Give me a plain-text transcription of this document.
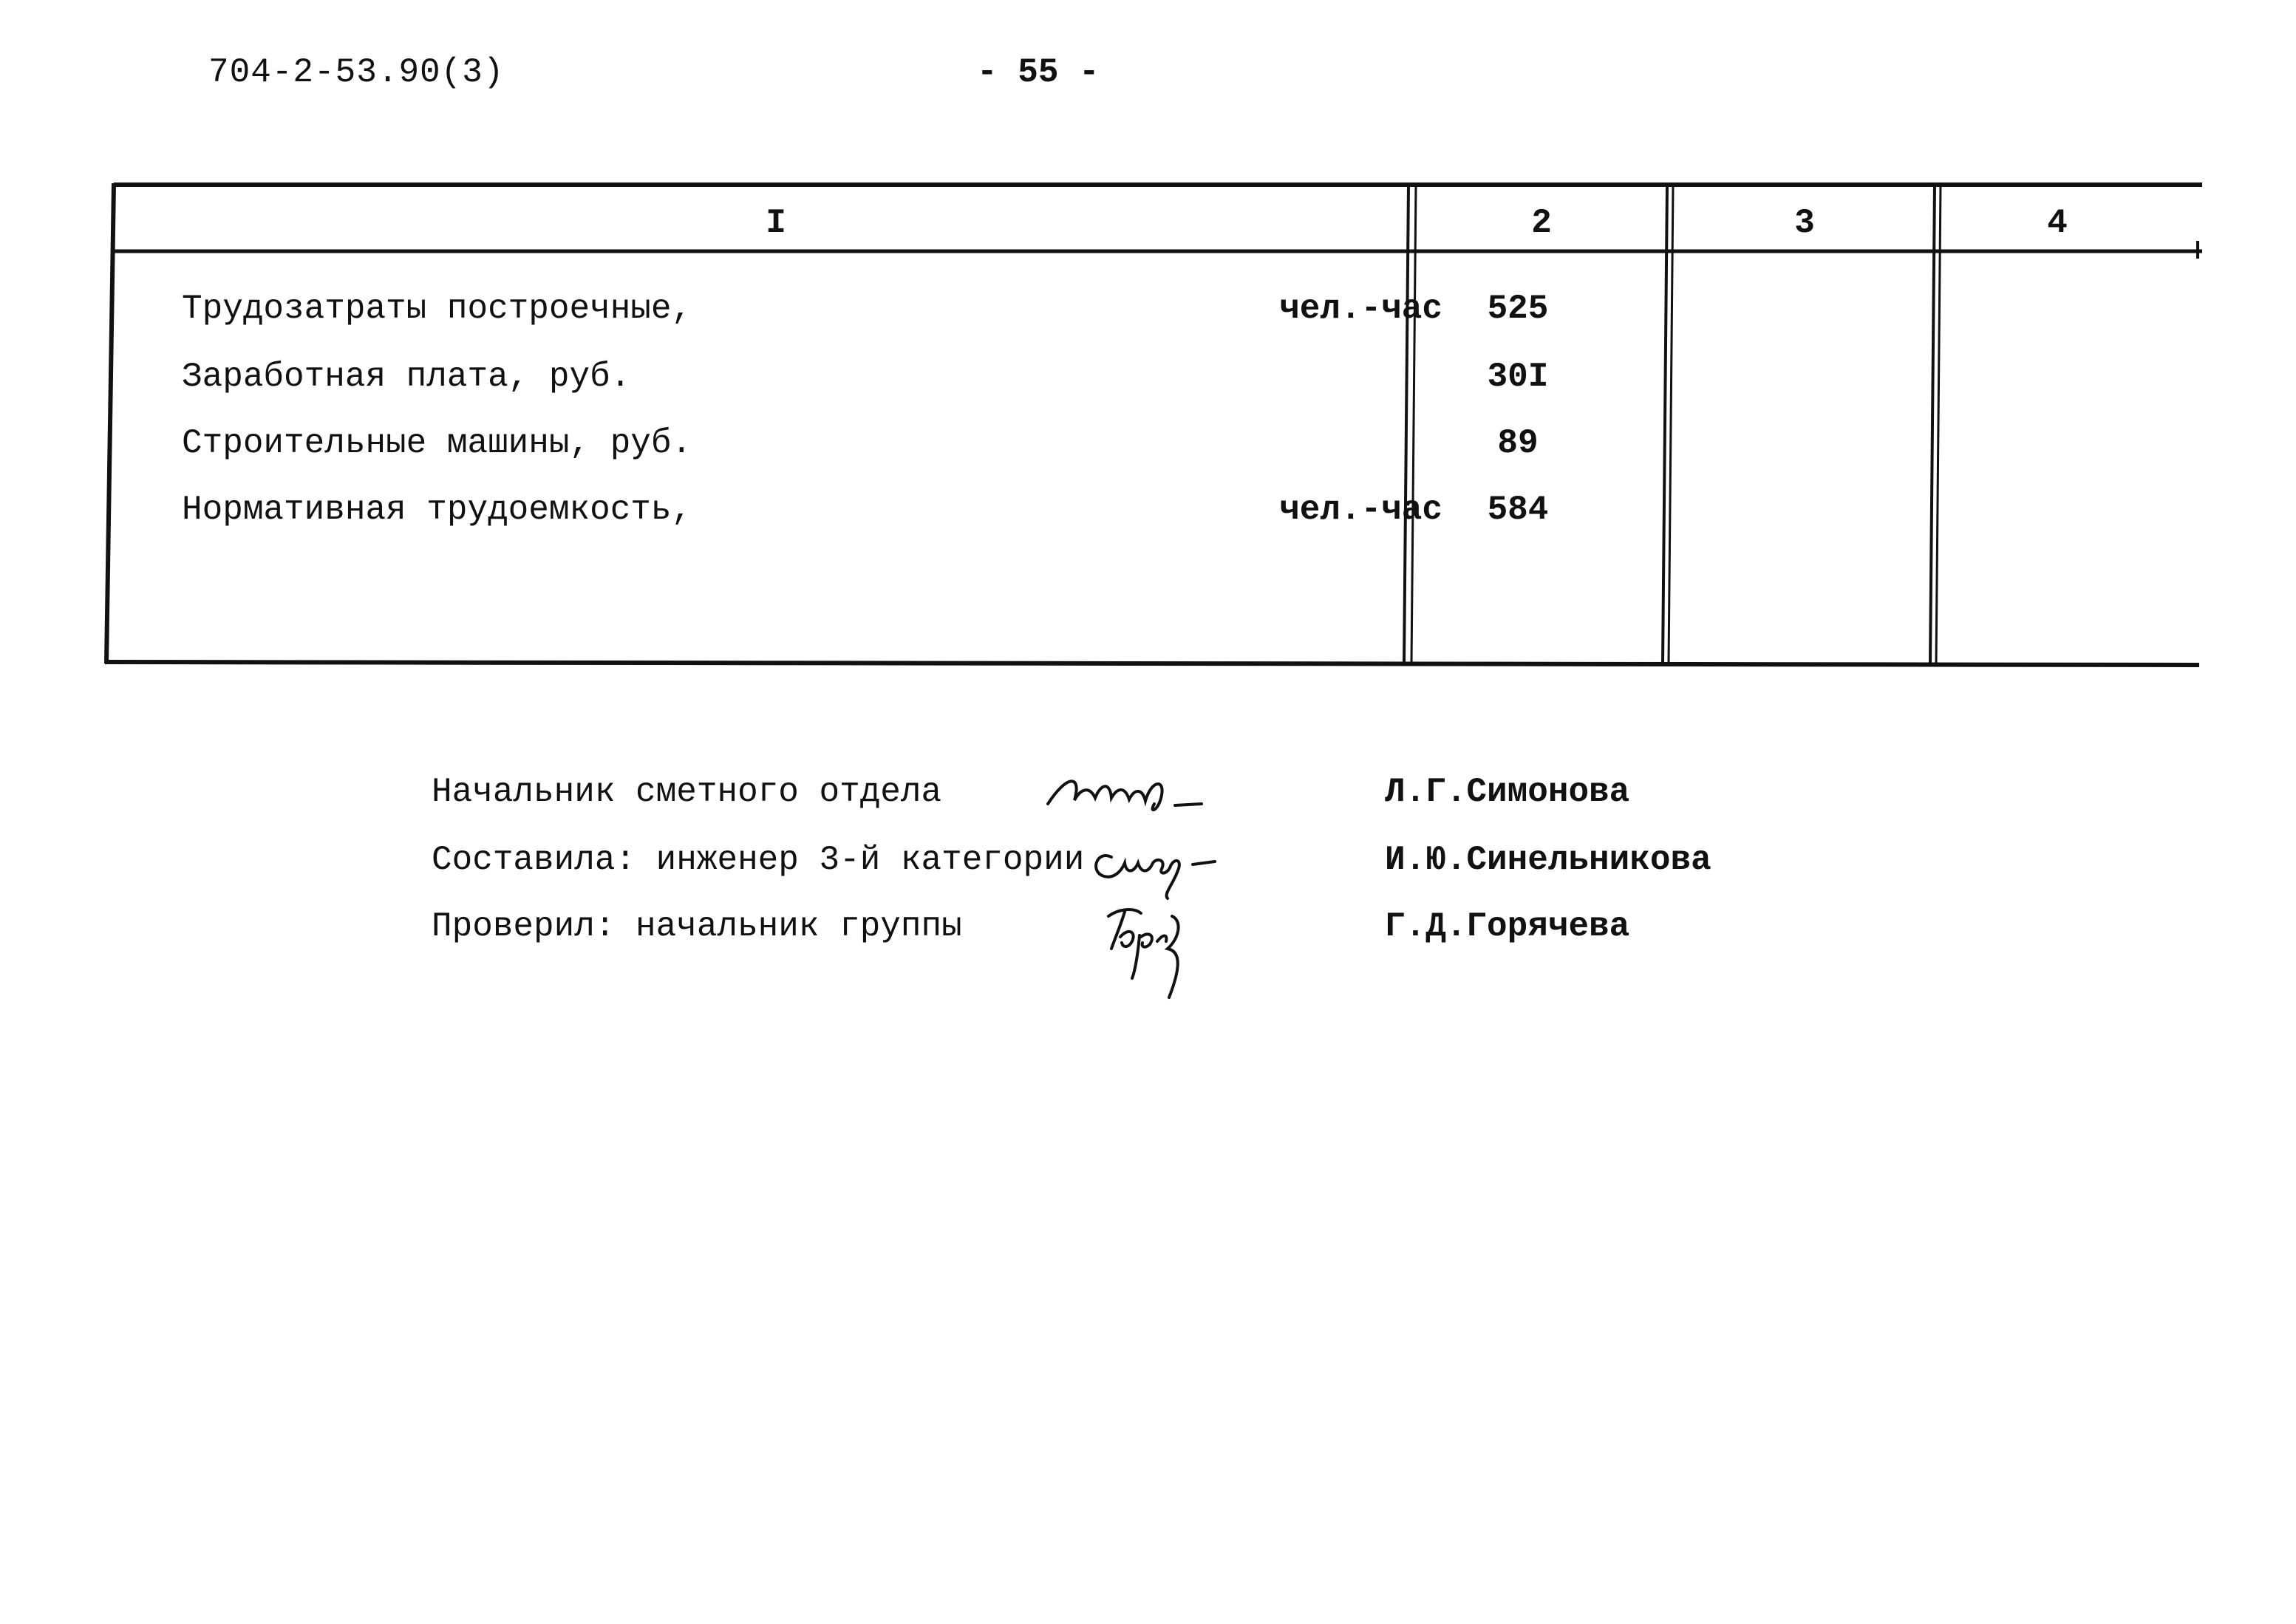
704-2-53.90(3)	- 55 -
I	2	3	4
Трудозатраты построечные,	чел.-час	525
Заработная плата, руб.	30I
Строительные машины, руб.	89
Нормативная трудоемкость,	чел.-час	584
Начальник сметного отдела	Л.Г.Симонова
Составила: инженер 3-й категории	И.Ю.Синельникова
Проверил: начальник группы	Г.Д.Горячева
